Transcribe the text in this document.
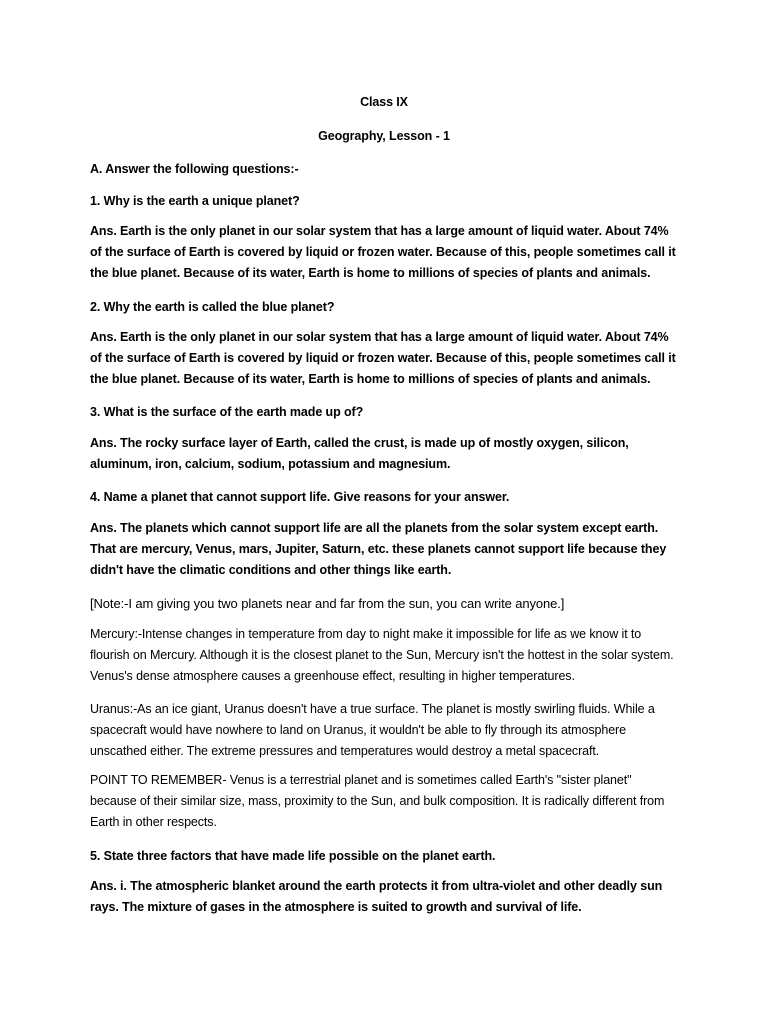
Class IX
Geography, Lesson - 1
A. Answer the following questions:-
1. Why is the earth a unique planet?
Ans. Earth is the only planet in our solar system that has a large amount of liquid water. About 74% of the surface of Earth is covered by liquid or frozen water. Because of this, people sometimes call it the blue planet. Because of its water, Earth is home to millions of species of plants and animals.
2. Why the earth is called the blue planet?
Ans. Earth is the only planet in our solar system that has a large amount of liquid water. About 74% of the surface of Earth is covered by liquid or frozen water. Because of this, people sometimes call it the blue planet. Because of its water, Earth is home to millions of species of plants and animals.
3. What is the surface of the earth made up of?
Ans. The rocky surface layer of Earth, called the crust, is made up of mostly oxygen, silicon, aluminum, iron, calcium, sodium, potassium and magnesium.
4. Name a planet that cannot support life. Give reasons for your answer.
Ans. The planets which cannot support life are all the planets from the solar system except earth. That are mercury, Venus, mars, Jupiter, Saturn, etc. these planets cannot support life because they didn't have the climatic conditions and other things like earth.
[Note:-I am giving you two planets near and far from the sun, you can write anyone.]
Mercury:-Intense changes in temperature from day to night make it impossible for life as we know it to flourish on Mercury. Although it is the closest planet to the Sun, Mercury isn't the hottest in the solar system. Venus's dense atmosphere causes a greenhouse effect, resulting in higher temperatures.
Uranus:-As an ice giant, Uranus doesn't have a true surface. The planet is mostly swirling fluids. While a spacecraft would have nowhere to land on Uranus, it wouldn't be able to fly through its atmosphere unscathed either. The extreme pressures and temperatures would destroy a metal spacecraft.
POINT TO REMEMBER- Venus is a terrestrial planet and is sometimes called Earth's "sister planet" because of their similar size, mass, proximity to the Sun, and bulk composition. It is radically different from Earth in other respects.
5. State three factors that have made life possible on the planet earth.
Ans. i. The atmospheric blanket around the earth protects it from ultra-violet and other deadly sun rays. The mixture of gases in the atmosphere is suited to growth and survival of life.
